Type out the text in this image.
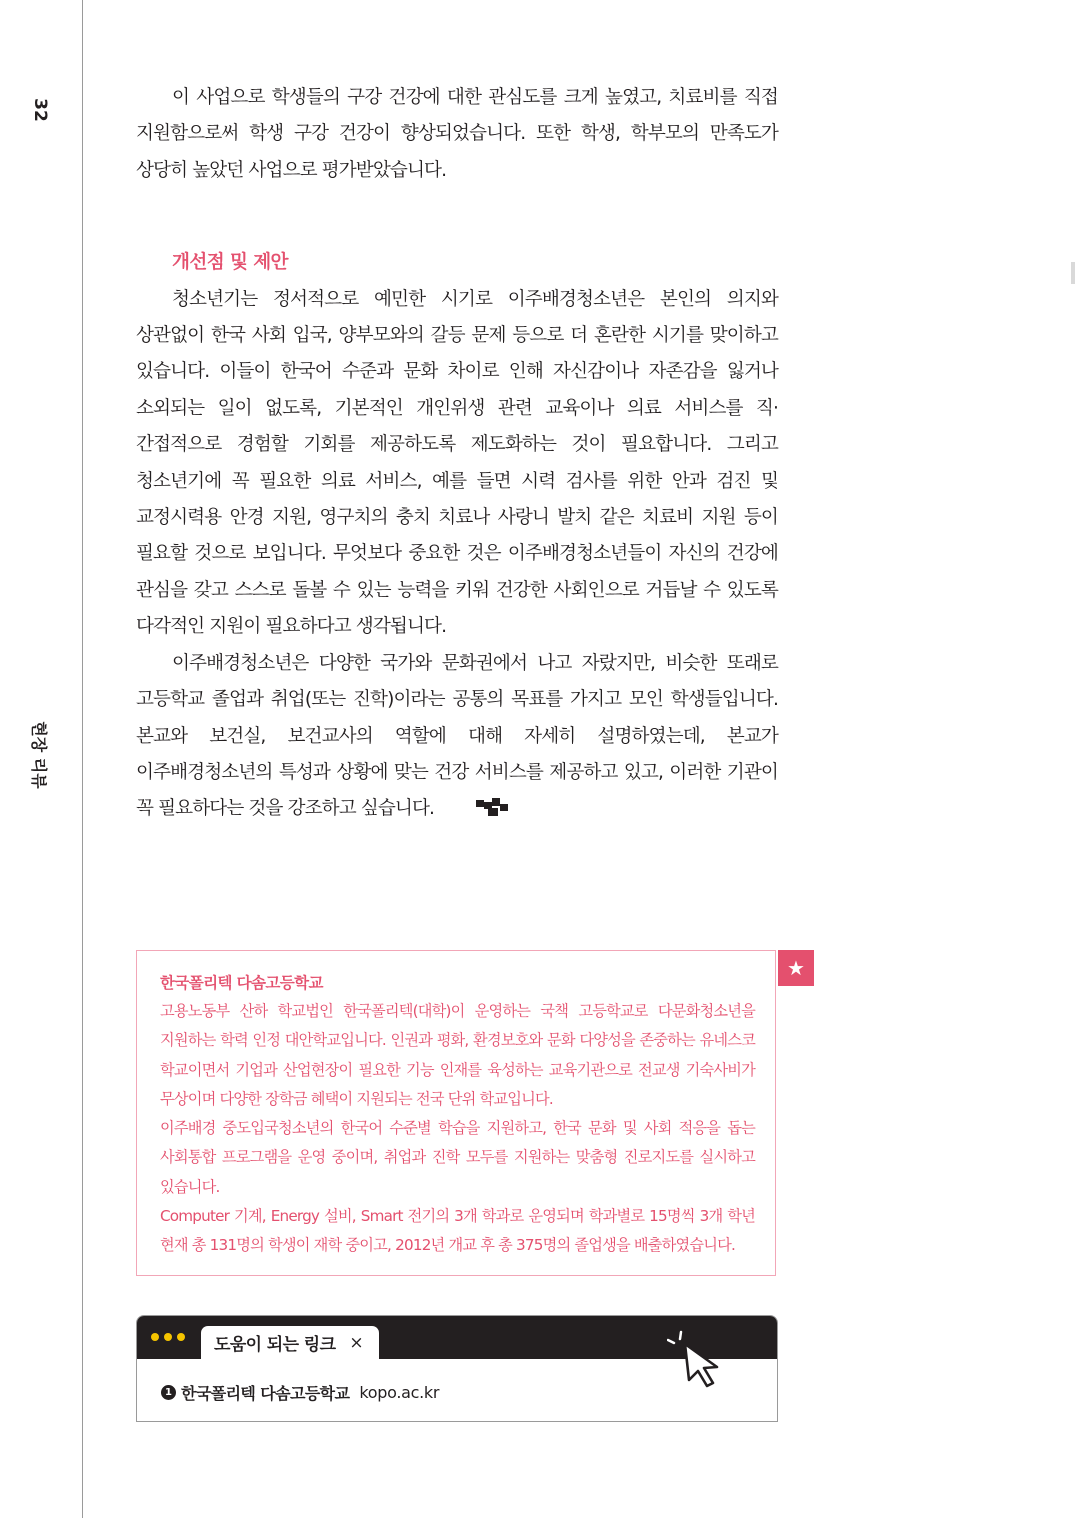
32
현장 리뷰

이 사업으로 학생들의 구강 건강에 대한 관심도를 크게 높였고, 치료비를 직접 지원함으로써 학생 구강 건강이 향상되었습니다. 또한 학생, 학부모의 만족도가 상당히 높았던 사업으로 평가받았습니다.

개선점 및 제안

청소년기는 정서적으로 예민한 시기로 이주배경청소년은 본인의 의지와 상관없이 한국 사회 입국, 양부모와의 갈등 문제 등으로 더 혼란한 시기를 맞이하고 있습니다. 이들이 한국어 수준과 문화 차이로 인해 자신감이나 자존감을 잃거나 소외되는 일이 없도록, 기본적인 개인위생 관련 교육이나 의료 서비스를 직·간접적으로 경험할 기회를 제공하도록 제도화하는 것이 필요합니다. 그리고 청소년기에 꼭 필요한 의료 서비스, 예를 들면 시력 검사를 위한 안과 검진 및 교정시력용 안경 지원, 영구치의 충치 치료나 사랑니 발치 같은 치료비 지원 등이 필요할 것으로 보입니다. 무엇보다 중요한 것은 이주배경청소년들이 자신의 건강에 관심을 갖고 스스로 돌볼 수 있는 능력을 키워 건강한 사회인으로 거듭날 수 있도록 다각적인 지원이 필요하다고 생각됩니다.

이주배경청소년은 다양한 국가와 문화권에서 나고 자랐지만, 비슷한 또래로 고등학교 졸업과 취업(또는 진학)이라는 공통의 목표를 가지고 모인 학생들입니다. 본교와 보건실, 보건교사의 역할에 대해 자세히 설명하였는데, 본교가 이주배경청소년의 특성과 상황에 맞는 건강 서비스를 제공하고 있고, 이러한 기관이 꼭 필요하다는 것을 강조하고 싶습니다.

한국폴리텍 다솜고등학교

고용노동부 산하 학교법인 한국폴리텍(대학)이 운영하는 국책 고등학교로 다문화청소년을 지원하는 학력 인정 대안학교입니다. 인권과 평화, 환경보호와 문화 다양성을 존중하는 유네스코 학교이면서 기업과 산업현장이 필요한 기능 인재를 육성하는 교육기관으로 전교생 기숙사비가 무상이며 다양한 장학금 혜택이 지원되는 전국 단위 학교입니다.

이주배경 중도입국청소년의 한국어 수준별 학습을 지원하고, 한국 문화 및 사회 적응을 돕는 사회통합 프로그램을 운영 중이며, 취업과 진학 모두를 지원하는 맞춤형 진로지도를 실시하고 있습니다.

Computer 기계, Energy 설비, Smart 전기의 3개 학과로 운영되며 학과별로 15명씩 3개 학년 현재 총 131명의 학생이 재학 중이고, 2012년 개교 후 총 375명의 졸업생을 배출하였습니다.

★
도움이 되는 링크 ×
1 한국폴리텍 다솜고등학교 kopo.ac.kr
